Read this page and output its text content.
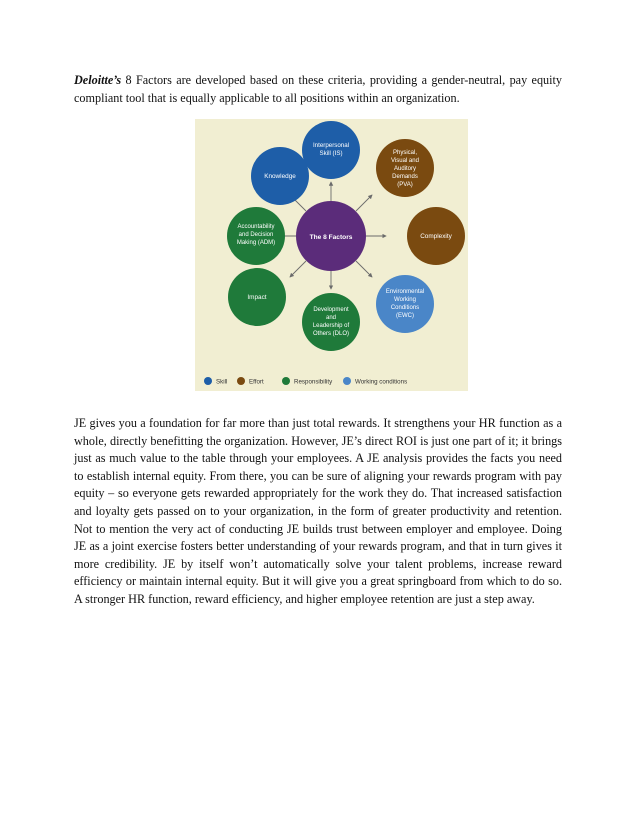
Deloitte’s 8 Factors are developed based on these criteria, providing a gender-neutral, pay equity compliant tool that is equally applicable to all positions within an organization.

Interpersonal Skill (IS)	Physical, Visual and Auditory Demands (PVA)
Complexity
Environmental Working Conditions (EWC)
Development and Leadership of Others (DLO)
Impact
Accountability and Decision Making (ADM)
Knowledge
The 8 Factors
Skill	Effort	Responsibility	Working conditions

JE gives you a foundation for far more than just total rewards. It strengthens your HR function as a whole, directly benefitting the organization. However, JE’s direct ROI is just one part of it; it brings just as much value to the table through your employees. A JE analysis provides the facts you need to establish internal equity. From there, you can be sure of aligning your rewards program with pay equity – so everyone gets rewarded appropriately for the work they do. That increased satisfaction and loyalty gets passed on to your organization, in the form of greater productivity and retention. Not to mention the very act of conducting JE builds trust between employer and employee. Doing JE as a joint exercise fosters better understanding of your rewards program, and that in turn gives it more credibility. JE by itself won’t automatically solve your talent problems, increase reward efficiency or maintain internal equity. But it will give you a great springboard from which to do so. A stronger HR function, reward efficiency, and higher employee retention are just a step away.
